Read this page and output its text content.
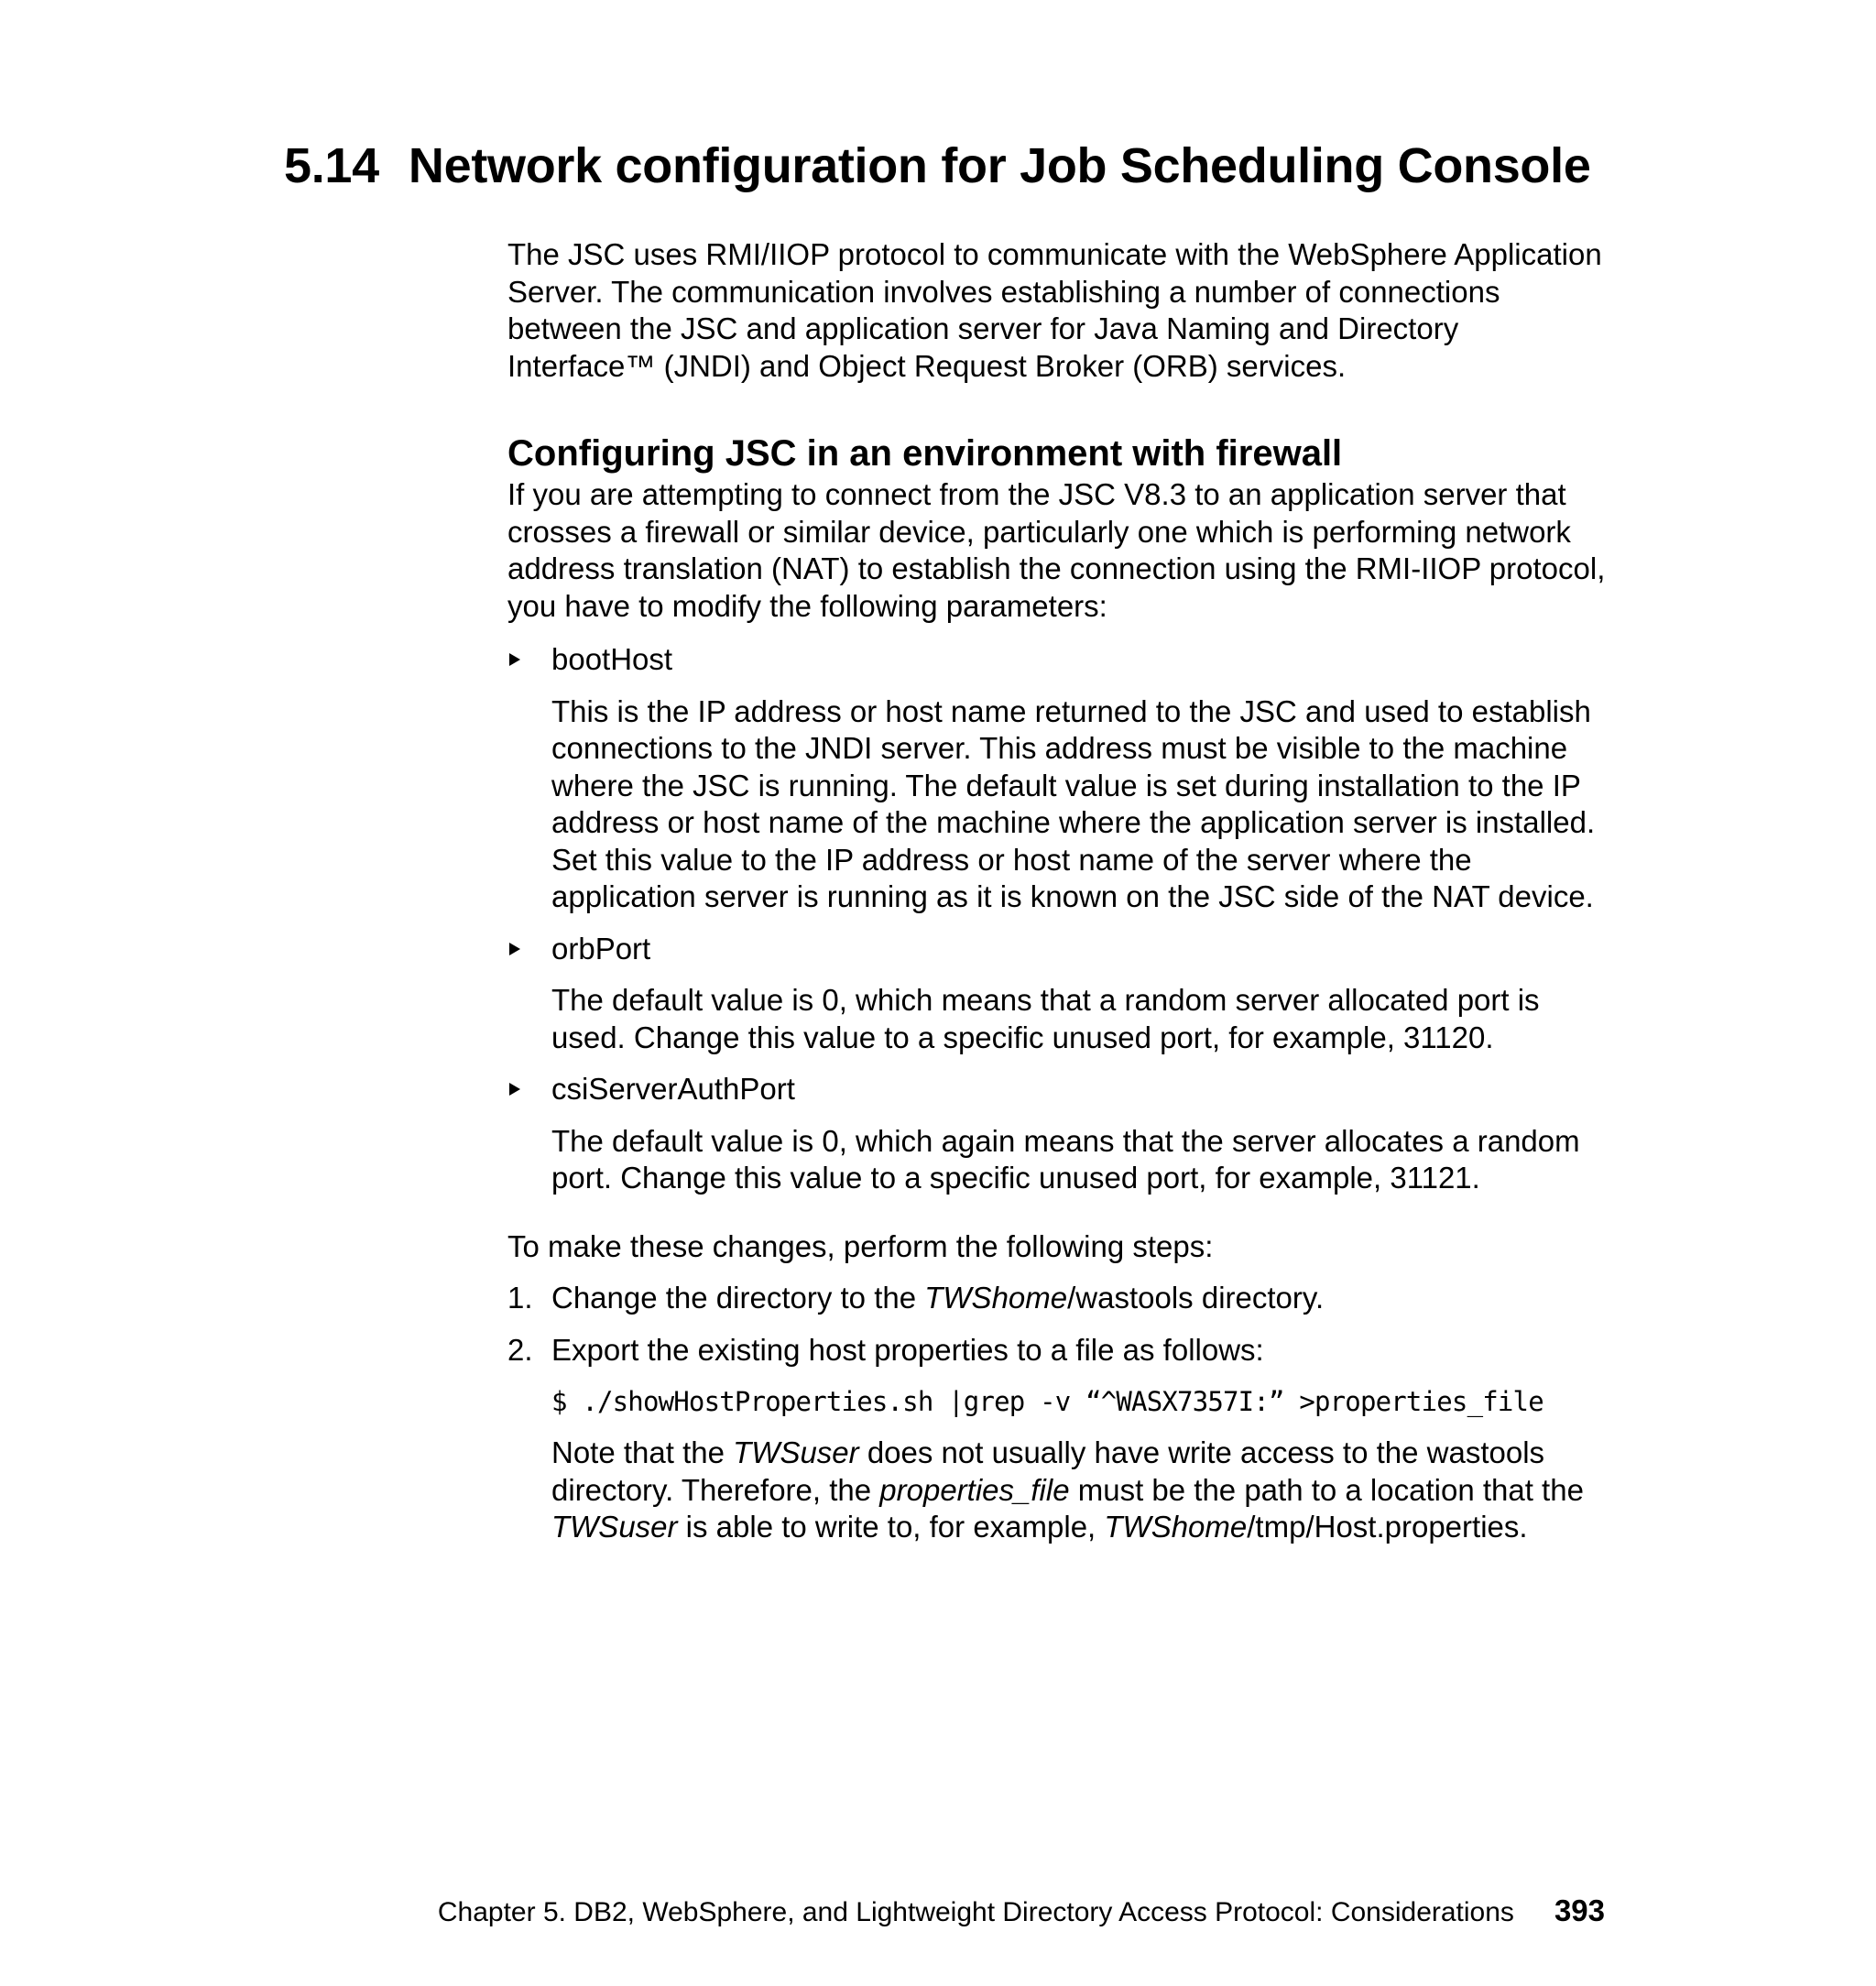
5.14 Network configuration for Job Scheduling Console

The JSC uses RMI/IIOP protocol to communicate with the WebSphere Application Server. The communication involves establishing a number of connections between the JSC and application server for Java Naming and Directory Interface™ (JNDI) and Object Request Broker (ORB) services.

Configuring JSC in an environment with firewall

If you are attempting to connect from the JSC V8.3 to an application server that crosses a firewall or similar device, particularly one which is performing network address translation (NAT) to establish the connection using the RMI-IIOP protocol, you have to modify the following parameters:

bootHost

This is the IP address or host name returned to the JSC and used to establish connections to the JNDI server. This address must be visible to the machine where the JSC is running. The default value is set during installation to the IP address or host name of the machine where the application server is installed. Set this value to the IP address or host name of the server where the application server is running as it is known on the JSC side of the NAT device.

orbPort

The default value is 0, which means that a random server allocated port is used. Change this value to a specific unused port, for example, 31120.

csiServerAuthPort

The default value is 0, which again means that the server allocates a random port. Change this value to a specific unused port, for example, 31121.

To make these changes, perform the following steps:

1. Change the directory to the TWShome/wastools directory.

2. Export the existing host properties to a file as follows:

$ ./showHostProperties.sh |grep -v “^WASX7357I:” >properties_file

Note that the TWSuser does not usually have write access to the wastools directory. Therefore, the properties_file must be the path to a location that the TWSuser is able to write to, for example, TWShome/tmp/Host.properties.

Chapter 5. DB2, WebSphere, and Lightweight Directory Access Protocol: Considerations 393
